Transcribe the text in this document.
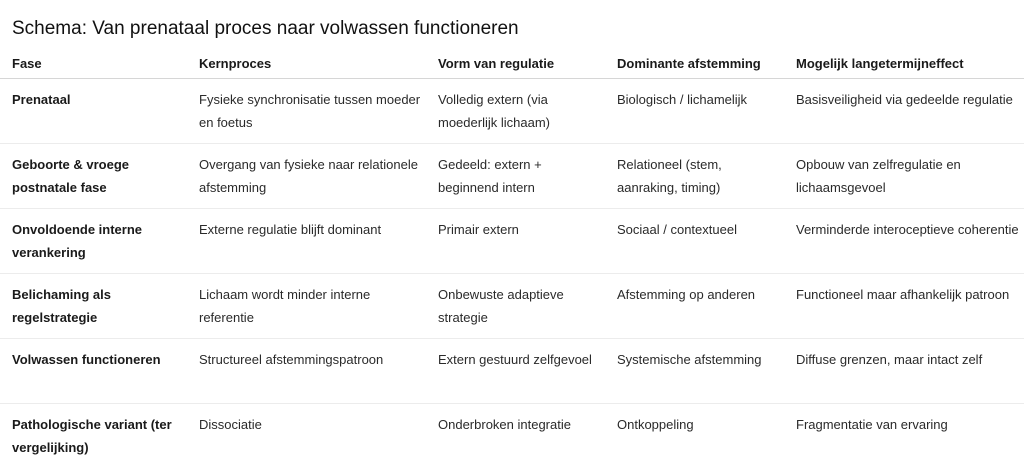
Schema: Van prenataal proces naar volwassen functioneren
Fase	Kernproces	Vorm van regulatie	Dominante afstemming	Mogelijk langetermijneffect
Prenataal	Fysieke synchronisatie tussen moeder en foetus	Volledig extern (via moederlijk lichaam)	Biologisch / lichamelijk	Basisveiligheid via gedeelde regulatie
Geboorte & vroege postnatale fase	Overgang van fysieke naar relationele afstemming	Gedeeld: extern + beginnend intern	Relationeel (stem, aanraking, timing)	Opbouw van zelfregulatie en lichaamsgevoel
Onvoldoende interne verankering	Externe regulatie blijft dominant	Primair extern	Sociaal / contextueel	Verminderde interoceptieve coherentie
Belichaming als regelstrategie	Lichaam wordt minder interne referentie	Onbewuste adaptieve strategie	Afstemming op anderen	Functioneel maar afhankelijk patroon
Volwassen functioneren	Structureel afstemmingspatroon	Extern gestuurd zelfgevoel	Systemische afstemming	Diffuse grenzen, maar intact zelf
Pathologische variant (ter vergelijking)	Dissociatie	Onderbroken integratie	Ontkoppeling	Fragmentatie van ervaring
